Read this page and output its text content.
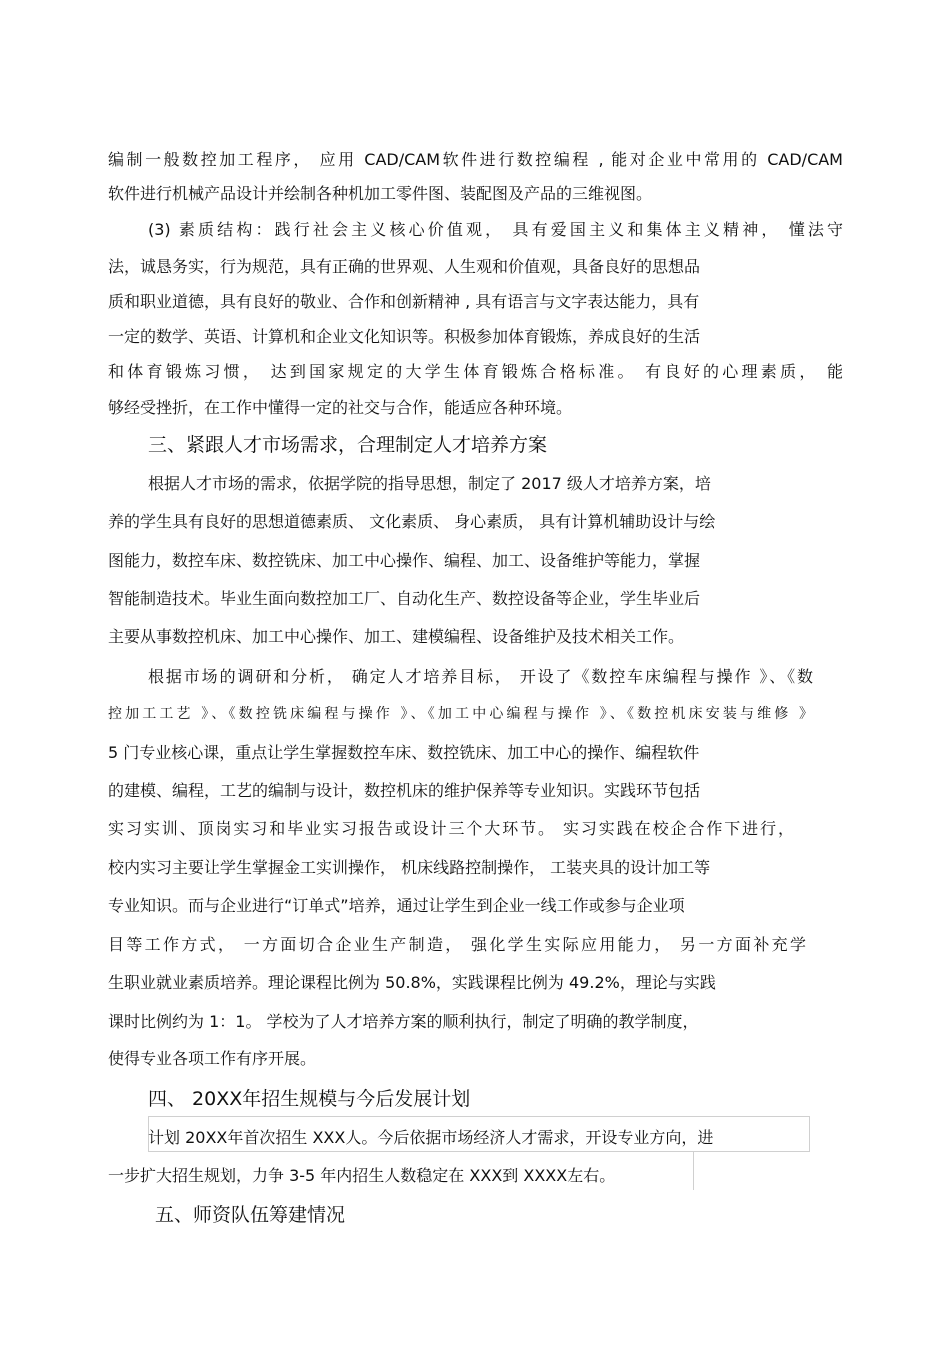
编制一般数控加工程序， 应用 CAD/CAM软件进行数控编程 , 能对企业中常用的 CAD/CAM
软件进行机械产品设计并绘制各种机加工零件图、装配图及产品的三维视图。
(3) 素质结构：践行社会主义核心价值观， 具有爱国主义和集体主义精神， 懂法守
法，诚恳务实，行为规范，具有正确的世界观、人生观和价值观，具备良好的思想品
质和职业道德，具有良好的敬业、合作和创新精神 , 具有语言与文字表达能力，具有
一定的数学、英语、计算机和企业文化知识等。积极参加体育锻炼，养成良好的生活
和体育锻炼习惯， 达到国家规定的大学生体育锻炼合格标准。 有良好的心理素质， 能
够经受挫折，在工作中懂得一定的社交与合作，能适应各种环境。
三、紧跟人才市场需求，合理制定人才培养方案
根据人才市场的需求，依据学院的指导思想，制定了 2017 级人才培养方案，培
养的学生具有良好的思想道德素质、 文化素质、 身心素质， 具有计算机辅助设计与绘
图能力，数控车床、数控铣床、加工中心操作、编程、加工、设备维护等能力，掌握
智能制造技术。毕业生面向数控加工厂、自动化生产、数控设备等企业，学生毕业后
主要从事数控机床、加工中心操作、加工、建模编程、设备维护及技术相关工作。
根据市场的调研和分析， 确定人才培养目标， 开设了《数控车床编程与操作 》、《数
控加工工艺 》、《数控铣床编程与操作 》、《加工中心编程与操作 》、《数控机床安装与维修 》
5 门专业核心课，重点让学生掌握数控车床、数控铣床、加工中心的操作、编程软件
的建模、编程，工艺的编制与设计，数控机床的维护保养等专业知识。实践环节包括
实习实训、顶岗实习和毕业实习报告或设计三个大环节。 实习实践在校企合作下进行，
校内实习主要让学生掌握金工实训操作， 机床线路控制操作， 工装夹具的设计加工等
专业知识。而与企业进行“订单式”培养，通过让学生到企业一线工作或参与企业项
目等工作方式， 一方面切合企业生产制造， 强化学生实际应用能力， 另一方面补充学
生职业就业素质培养。理论课程比例为 50.8%，实践课程比例为 49.2%，理论与实践
课时比例约为 1：1。 学校为了人才培养方案的顺利执行，制定了明确的教学制度，
使得专业各项工作有序开展。
四、 20XX年招生规模与今后发展计划
计划 20XX年首次招生 XXX人。今后依据市场经济人才需求，开设专业方向，进
一步扩大招生规划，力争 3-5 年内招生人数稳定在 XXX到 XXXX左右。
五、师资队伍筹建情况
